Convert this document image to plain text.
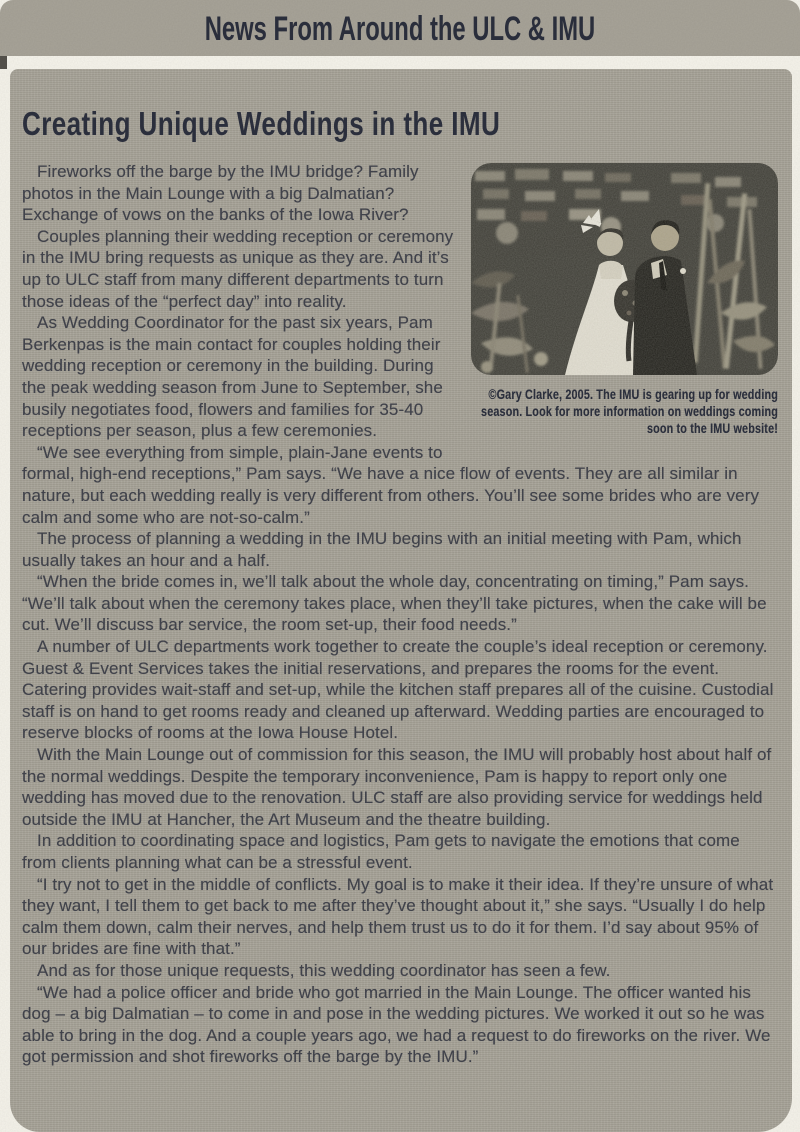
News From Around the ULC & IMU
Creating Unique Weddings in the IMU
©Gary Clarke, 2005. The IMU is gearing up for wedding season. Look for more information on weddings coming soon to the IMU website!

Fireworks off the barge by the IMU bridge? Family photos in the Main Lounge with a big Dalmatian? Exchange of vows on the banks of the Iowa River?

Couples planning their wedding reception or ceremony in the IMU bring requests as unique as they are. And it’s up to ULC staff from many different departments to turn those ideas of the “perfect day” into reality.

As Wedding Coordinator for the past six years, Pam Berkenpas is the main contact for couples holding their wedding reception or ceremony in the building. During the peak wedding season from June to September, she busily negotiates food, flowers and families for 35-40 receptions per season, plus a few ceremonies.

“We see everything from simple, plain-Jane events to formal, high-end receptions,” Pam says. “We have a nice flow of events. They are all similar in nature, but each wedding really is very different from others. You’ll see some brides who are very calm and some who are not-so-calm.”

The process of planning a wedding in the IMU begins with an initial meeting with Pam, which usually takes an hour and a half.

“When the bride comes in, we’ll talk about the whole day, concentrating on timing,” Pam says. “We’ll talk about when the ceremony takes place, when they’ll take pictures, when the cake will be cut. We’ll discuss bar service, the room set-up, their food needs.”

A number of ULC departments work together to create the couple’s ideal reception or ceremony. Guest & Event Services takes the initial reservations, and prepares the rooms for the event. Catering provides wait-staff and set-up, while the kitchen staff prepares all of the cuisine. Custodial staff is on hand to get rooms ready and cleaned up afterward. Wedding parties are encouraged to reserve blocks of rooms at the Iowa House Hotel.

With the Main Lounge out of commission for this season, the IMU will probably host about half of the normal weddings. Despite the temporary inconvenience, Pam is happy to report only one wedding has moved due to the renovation. ULC staff are also providing service for weddings held outside the IMU at Hancher, the Art Museum and the theatre building.

In addition to coordinating space and logistics, Pam gets to navigate the emotions that come from clients planning what can be a stressful event.

“I try not to get in the middle of conflicts. My goal is to make it their idea. If they’re unsure of what they want, I tell them to get back to me after they’ve thought about it,” she says. “Usually I do help calm them down, calm their nerves, and help them trust us to do it for them. I’d say about 95% of our brides are fine with that.”

And as for those unique requests, this wedding coordinator has seen a few.

“We had a police officer and bride who got married in the Main Lounge. The officer wanted his dog – a big Dalmatian – to come in and pose in the wedding pictures. We worked it out so he was able to bring in the dog. And a couple years ago, we had a request to do fireworks on the river. We got permission and shot fireworks off the barge by the IMU.”
